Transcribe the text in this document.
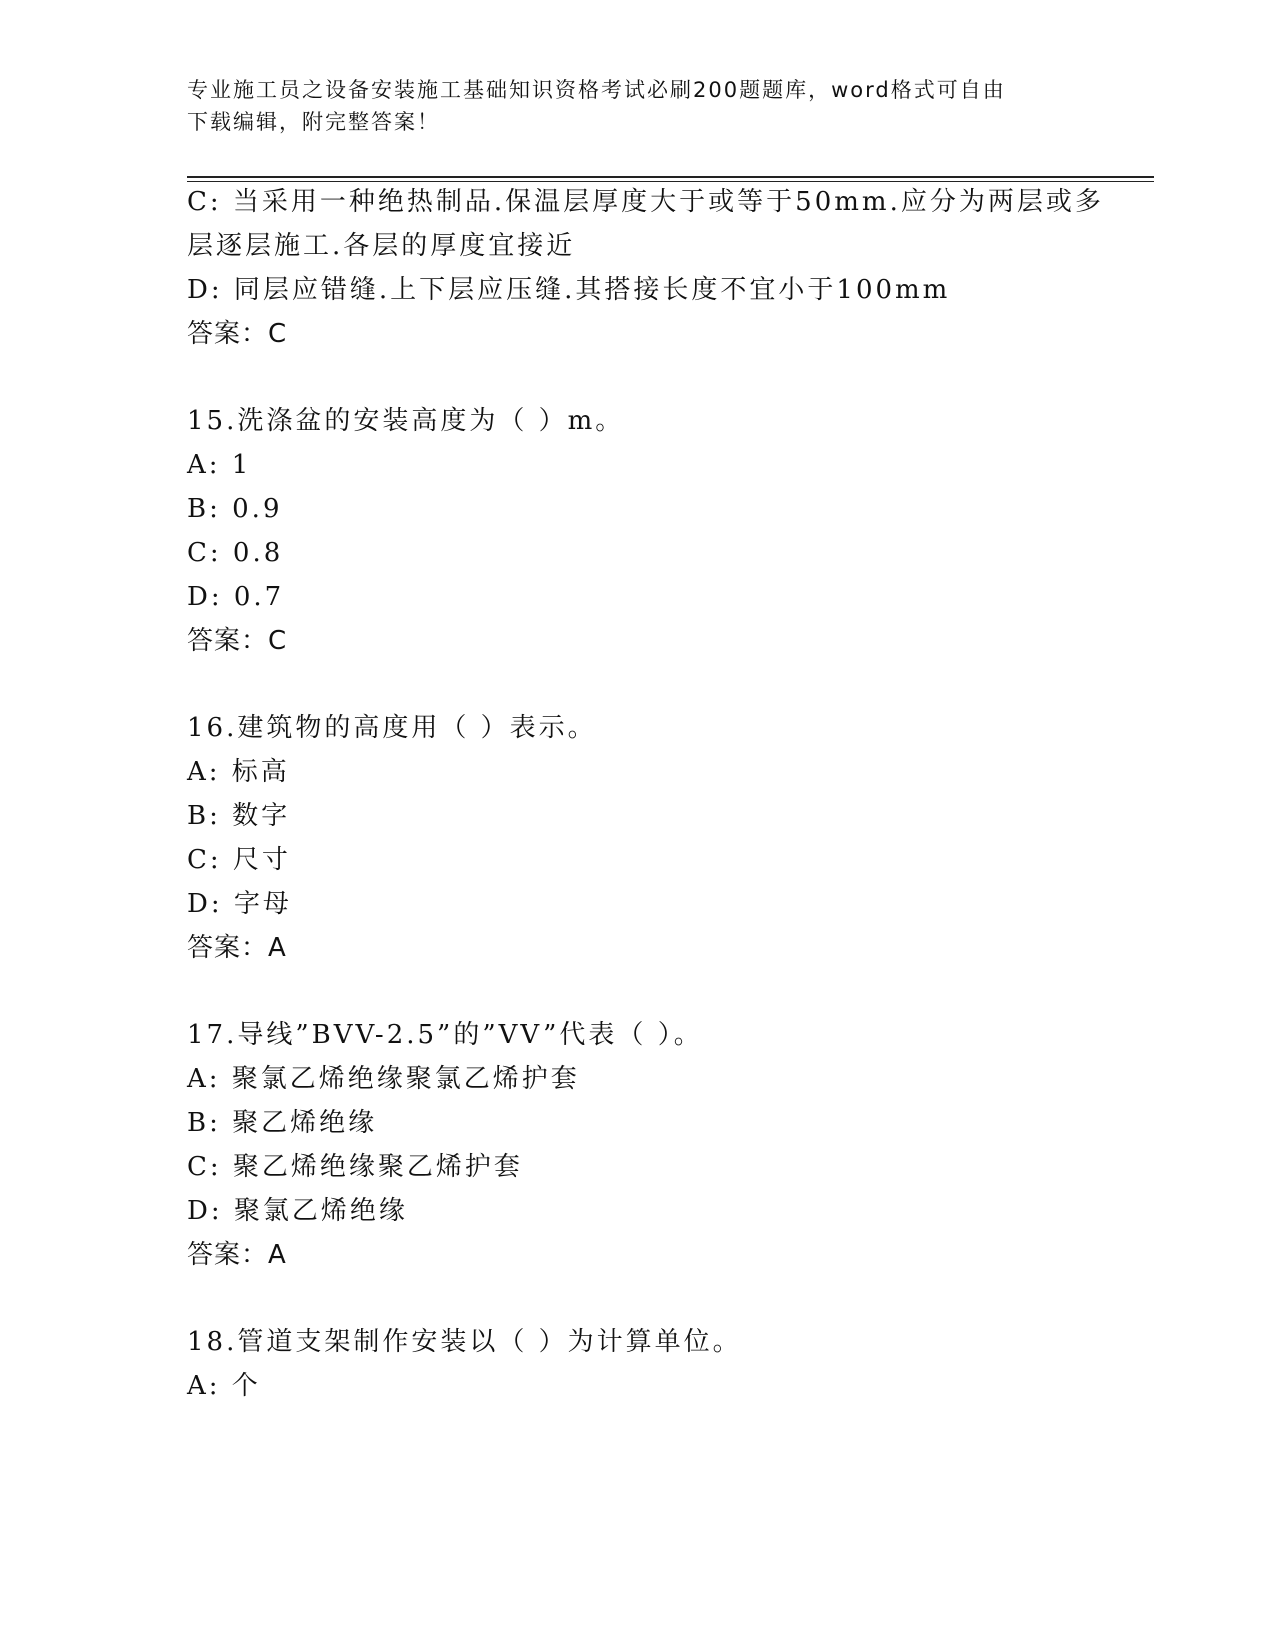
专业施工员之设备安装施工基础知识资格考试必刷200题题库，word格式可自由
下载编辑，附完整答案！
C: 当采用一种绝热制品.保温层厚度大于或等于50mm.应分为两层或多
层逐层施工.各层的厚度宜接近
D: 同层应错缝.上下层应压缝.其搭接长度不宜小于100mm
答案：C
15.洗涤盆的安装高度为（ ）m。
A: 1
B: 0.9
C: 0.8
D: 0.7
答案：C
16.建筑物的高度用（ ）表示。
A: 标高
B: 数字
C: 尺寸
D: 字母
答案：A
17.导线”BVV-2.5”的”VV”代表（ ）。
A: 聚氯乙烯绝缘聚氯乙烯护套
B: 聚乙烯绝缘
C: 聚乙烯绝缘聚乙烯护套
D: 聚氯乙烯绝缘
答案：A
18.管道支架制作安装以（ ）为计算单位。
A: 个
